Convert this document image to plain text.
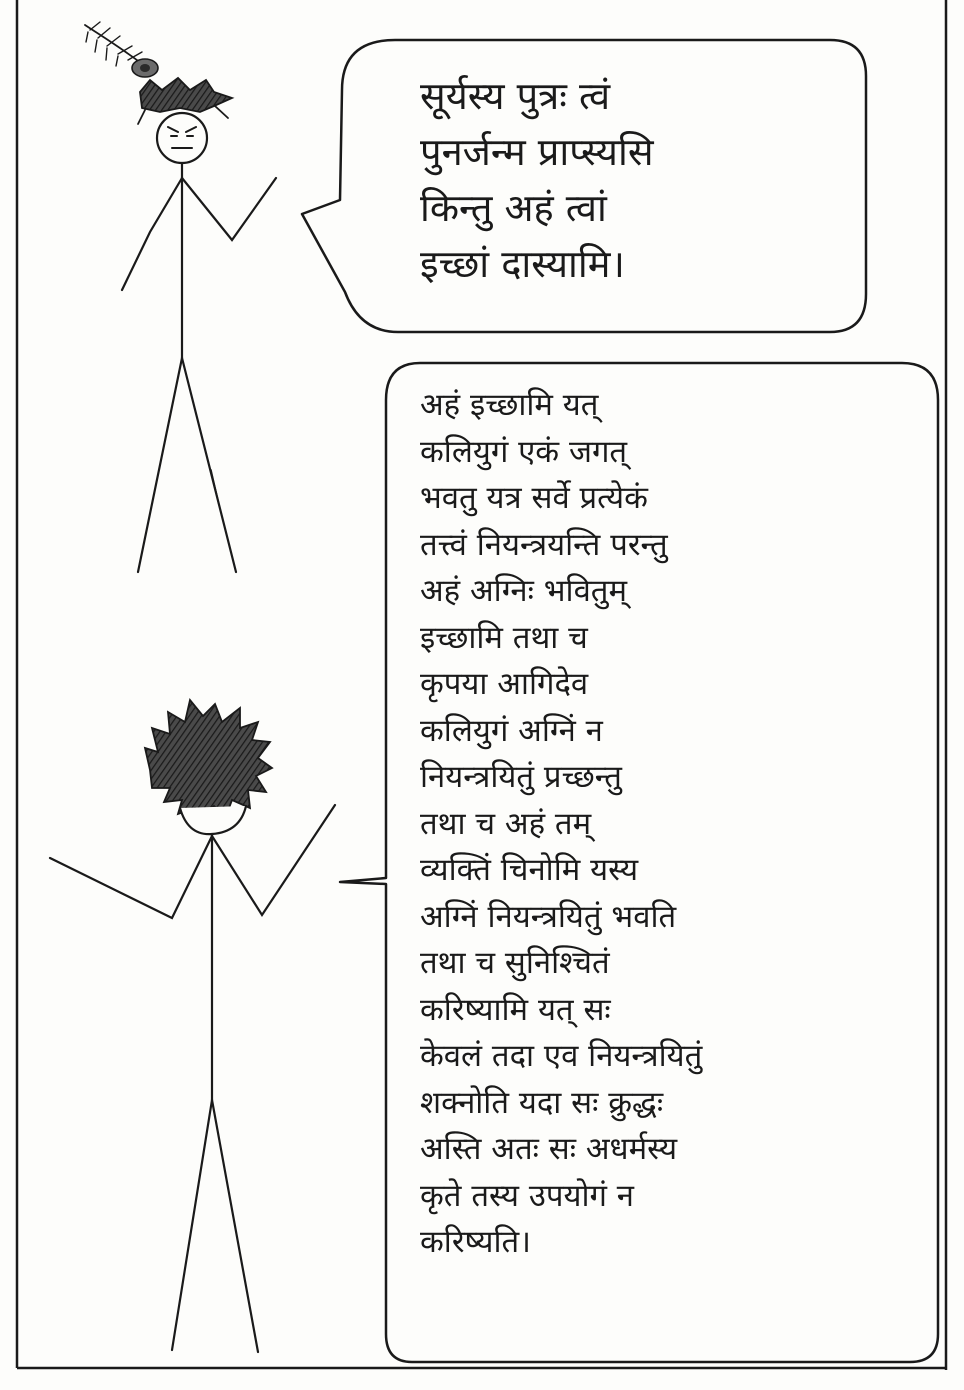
सूर्यस्य पुत्रः त्वं
पुनर्जन्म प्राप्स्यसि
किन्तु अहं त्वां
इच्छां दास्यामि।
अहं इच्छामि यत्
कलियुगं एकं जगत्
भवतु यत्र सर्वे प्रत्येकं
तत्त्वं नियन्त्रयन्ति परन्तु
अहं अग्निः भवितुम्
इच्छामि तथा च
कृपया आगिदेव
कलियुगं अग्निं न
नियन्त्रयितुं प्रच्छन्तु
तथा च अहं तम्
व्यक्तिं चिनोमि यस्य
अग्निं नियन्त्रयितुं भवति
तथा च सुनिश्चितं
करिष्यामि यत् सः
केवलं तदा एव नियन्त्रयितुं
शक्नोति यदा सः क्रुद्धः
अस्ति अतः सः अधर्मस्य
कृते तस्य उपयोगं न
करिष्यति।
